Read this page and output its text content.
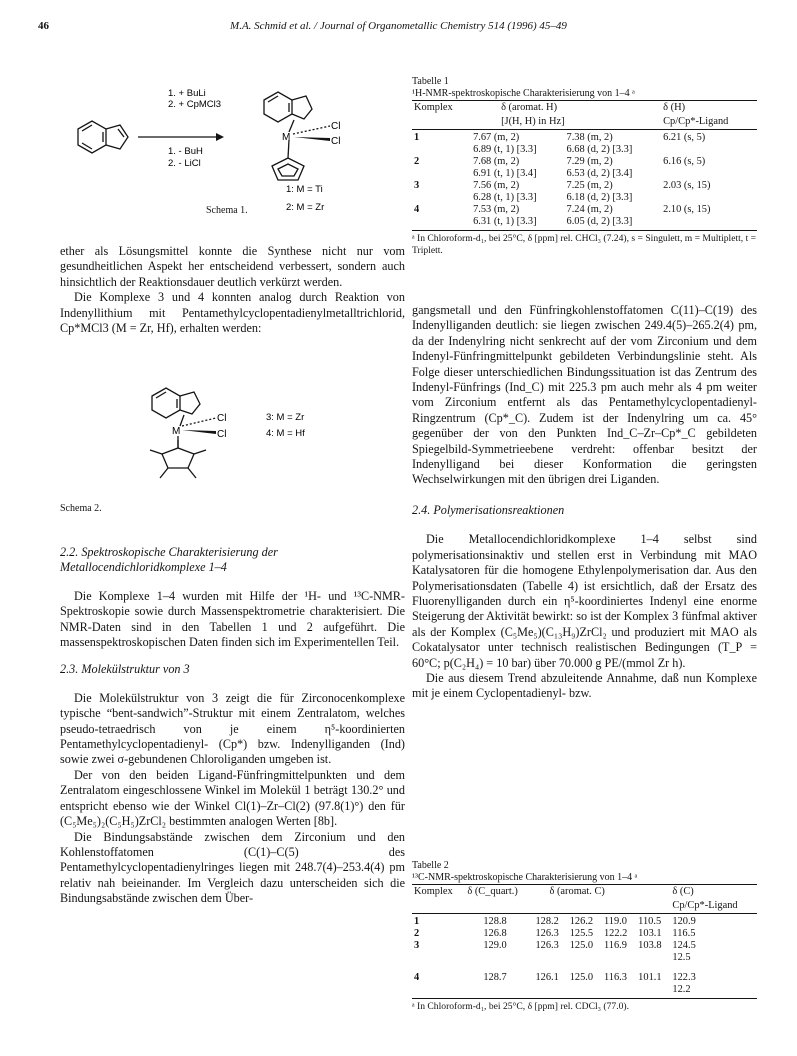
46	M.A. Schmid et al. / Journal of Organometallic Chemistry 514 (1996) 45–49
1. + BuLi
2. + CpMCl3
1. - BuH
2. - LiCl
M
Cl
Cl
1: M = Ti
2: M = Zr
Schema 1.

ether als Lösungsmittel konnte die Synthese nicht nur vom gesundheitlichen Aspekt her entscheidend verbessert, sondern auch hinsichtlich der Reaktionsdauer deutlich verkürzt werden.

Die Komplexe 3 und 4 konnten analog durch Reaktion von Indenyllithium mit Pentamethylcyclopentadienylmetalltrichlorid, Cp*MCl3 (M = Zr, Hf), erhalten werden:

M
Cl
Cl
3: M = Zr
4: M = Hf
Schema 2.

2.2. Spektroskopische Charakterisierung der Metallocendichloridkomplexe 1–4

Die Komplexe 1–4 wurden mit Hilfe der ¹H- und ¹³C-NMR-Spektroskopie sowie durch Massenspektrometrie charakterisiert. Die NMR-Daten sind in den Tabellen 1 und 2 aufgeführt. Die massenspektroskopischen Daten finden sich im Experimentellen Teil.

2.3. Molekülstruktur von 3

Die Molekülstruktur von 3 zeigt die für Zirconocenkomplexe typische “bent-sandwich”-Struktur mit einem Zentralatom, welches pseudo-tetraedrisch von je einem η⁵-koordinierten Pentamethylcyclopentadienyl- (Cp*) bzw. Indenylliganden (Ind) sowie zwei σ-gebundenen Chloroliganden umgeben ist.

Der von den beiden Ligand-Fünfringmittelpunkten und dem Zentralatom eingeschlossene Winkel im Molekül 1 beträgt 130.2° und entspricht ebenso wie der Winkel Cl(1)–Zr–Cl(2) (97.8(1)°) den für (C₅Me₅)₂(C₅H₅)ZrCl₂ bestimmten analogen Werten [8b].

Die Bindungsabstände zwischen dem Zirconium und den Kohlenstoffatomen (C(1)–C(5) des Pentamethylcyclopentadienylringes liegen mit 248.7(4)–253.4(4) pm relativ nah beieinander. Im Vergleich dazu unterscheiden sich die Bindungsabstände zwischen dem Über-

Tabelle 1

¹H-NMR-spektroskopische Charakterisierung von 1–4 ᵃ

Komplex	δ (aromat. H)		δ (H)
	[J(H, H) in Hz]		Cp/Cp*-Ligand
1	7.67 (m, 2)	7.38 (m, 2)	6.21 (s, 5)
	6.89 (t, 1) [3.3]	6.68 (d, 2) [3.3]	
2	7.68 (m, 2)	7.29 (m, 2)	6.16 (s, 5)
	6.91 (t, 1) [3.4]	6.53 (d, 2) [3.4]	
3	7.56 (m, 2)	7.25 (m, 2)	2.03 (s, 15)
	6.28 (t, 1) [3.3]	6.18 (d, 2) [3.3]	
4	7.53 (m, 2)	7.24 (m, 2)	2.10 (s, 15)
	6.31 (t, 1) [3.3]	6.05 (d, 2) [3.3]	

ᵃ In Chloroform-d₁, bei 25°C, δ [ppm] rel. CHCl₃ (7.24), s = Singulett, m = Multiplett, t = Triplett.

gangsmetall und den Fünfringkohlenstoffatomen C(11)–C(19) des Indenylliganden deutlich: sie liegen zwischen 249.4(5)–265.2(4) pm, da der Indenylring nicht senkrecht auf der vom Zirconium und dem Indenyl-Fünfringmittelpunkt gebildeten Verbindungslinie steht. Als Folge dieser unterschiedlichen Bindungssituation ist das Zentrum des Indenyl-Fünfrings (Ind_C) mit 225.3 pm auch mehr als 4 pm weiter vom Zirconium entfernt als das Pentamethylcyclopentadienyl-Ringzentrum (Cp*_C). Zudem ist der Indenylring um ca. 45° gegenüber der von den Punkten Ind_C–Zr–Cp*_C gebildeten Spiegelbild-Symmetrieebene verdreht: offenbar besitzt der Indenylligand bei dieser Konformation die geringsten Wechselwirkungen mit den übrigen drei Liganden.

2.4. Polymerisationsreaktionen

Die Metallocendichloridkomplexe 1–4 selbst sind polymerisationsinaktiv und stellen erst in Verbindung mit MAO Katalysatoren für die homogene Ethylenpolymerisation dar. Aus den Polymerisationsdaten (Tabelle 4) ist ersichtlich, daß der Ersatz des Fluorenylliganden durch ein η⁵-koordiniertes Indenyl eine enorme Steigerung der Aktivität bewirkt: so ist der Komplex 3 fünfmal aktiver als der Komplex (C₅Me₅)(C₁₃H₉)ZrCl₂ und produziert mit MAO als Cokatalysator unter technisch realistischen Bedingungen (T_P = 60°C; p(C₂H₄) = 10 bar) über 70.000 g PE/(mmol Zr h).

Die aus diesem Trend abzuleitende Annahme, daß nun Komplexe mit je einem Cyclopentadienyl- bzw.

Tabelle 2

¹³C-NMR-spektroskopische Charakterisierung von 1–4 ᵃ

Komplex	δ (C_quart.)	δ (aromat. C)				δ (C)
						Cp/Cp*-Ligand
1	128.8	128.2	126.2	119.0	110.5	120.9
2	126.8	126.3	125.5	122.2	103.1	116.5
3	129.0	126.3	125.0	116.9	103.8	124.5
						12.5
4	128.7	126.1	125.0	116.3	101.1	122.3
						12.2

ᵃ In Chloroform-d₁, bei 25°C, δ [ppm] rel. CDCl₃ (77.0).
